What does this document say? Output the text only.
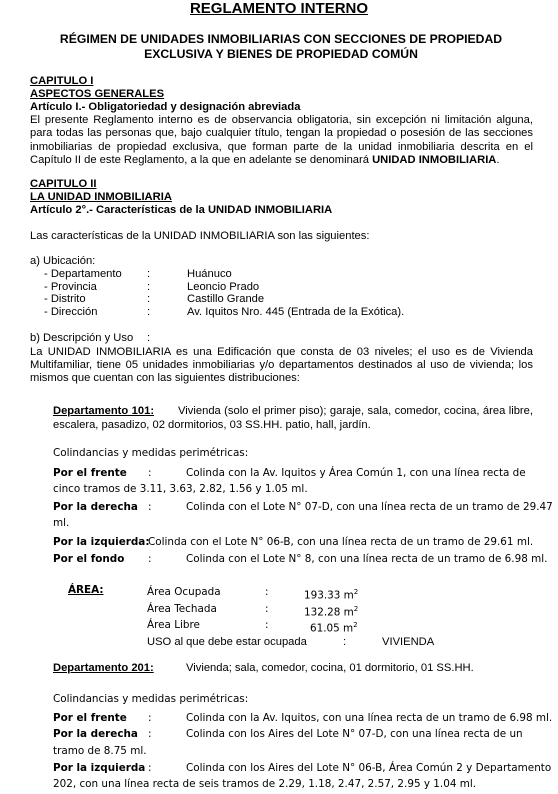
REGLAMENTO INTERNO
RÉGIMEN DE UNIDADES INMOBILIARIAS CON SECCIONES DE PROPIEDAD
EXCLUSIVA Y BIENES DE PROPIEDAD COMÚN
CAPITULO I
ASPECTOS GENERALES
Artículo I.- Obligatoriedad y designación abreviada
El presente Reglamento interno es de observancia obligatoria, sin excepción ni limitación alguna, para todas las personas que, bajo cualquier título, tengan la propiedad o posesión de las secciones inmobiliarias de propiedad exclusiva, que forman parte de la unidad inmobiliaria descrita en el Capítulo II de este Reglamento, a la que en adelante se denominará UNIDAD INMOBILIARIA.
CAPITULO II
LA UNIDAD INMOBILIARIA
Artículo 2°.- Características de la UNIDAD INMOBILIARIA
Las características de la UNIDAD INMOBILIARIA son las siguientes:
a) Ubicación:
- Departamento :	Huánuco
- Provincia	:	Leoncio Prado
- Distrito	:	Castillo Grande
- Dirección	:	Av. Iquitos Nro. 445 (Entrada de la Exótica).
b) Descripción y Uso :
La UNIDAD INMOBILIARIA es una Edificación que consta de 03 niveles; el uso es de Vivienda Multifamiliar, tiene 05 unidades inmobiliarias y/o departamentos destinados al uso de vivienda; los mismos que cuentan con las siguientes distribuciones:
Departamento 101: Vivienda (solo el primer piso); garaje, sala, comedor, cocina, área libre, escalera, pasadizo, 02 dormitorios, 03 SS.HH. patio, hall, jardín.
Colindancias y medidas perimétricas:
Por el frente :	Colinda con la Av. Iquitos y Área Común 1, con una línea recta de
cinco tramos de 3.11, 3.63, 2.82, 1.56 y 1.05 ml.
Por la derecha :	Colinda con el Lote N° 07-D, con una línea recta de un tramo de 29.47
ml.
Por la izquierda:
Colinda con el Lote N° 06-B, con una línea recta de un tramo de 29.61 ml.
Por el fondo :	Colinda con el Lote N° 8, con una línea recta de un tramo de 6.98 ml.
ÁREA:	Área Ocupada	:	193.33 $m^2$
Área Techada	:	132.28 $m^2$
Área Libre	:	61.05 $m^2$
USO al que debe estar ocupada	:	VIVIENDA
Departamento 201:	Vivienda; sala, comedor, cocina, 01 dormitorio, 01 SS.HH.
Colindancias y medidas perimétricas:
Por el frente :	Colinda con la Av. Iquitos, con una línea recta de un tramo de 6.98 ml.
Por la derecha :	Colinda con los Aires del Lote N° 07-D, con una línea recta de un
tramo de 8.75 ml.
Por la izquierda :	Colinda con los Aires del Lote N° 06-B, Área Común 2 y Departamento
202, con una línea recta de seis tramos de 2.29, 1.18, 2.47, 2.57, 2.95 y 1.04 ml.
